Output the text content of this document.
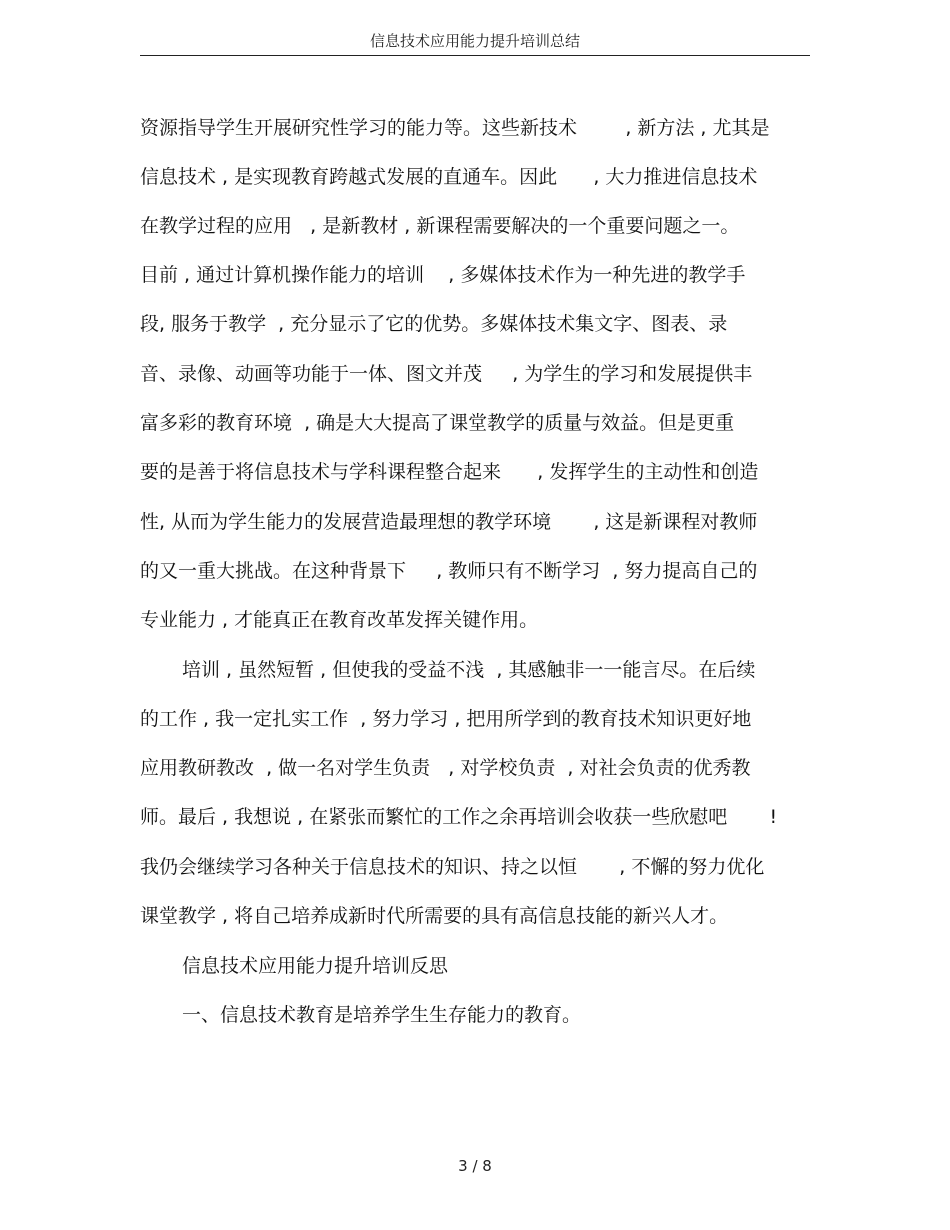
信息技术应用能力提升培训总结
资源指导学生开展研究性学习的能力等。这些新技术        , 新方法 , 尤其是
信息技术 , 是实现教育跨越式发展的直通车。因此      , 大力推进信息技术
在教学过程的应用   , 是新教材 , 新课程需要解决的一个重要问题之一。
目前 , 通过计算机操作能力的培训    , 多媒体技术作为一种先进的教学手
段, 服务于教学  , 充分显示了它的优势。多媒体技术集文字、图表、录
音、录像、动画等功能于一体、图文并茂     , 为学生的学习和发展提供丰
富多彩的教育环境  , 确是大大提高了课堂教学的质量与效益。但是更重
要的是善于将信息技术与学科课程整合起来      , 发挥学生的主动性和创造
性, 从而为学生能力的发展营造最理想的教学环境       , 这是新课程对教师
的又一重大挑战。在这种背景下     , 教师只有不断学习  , 努力提高自己的
专业能力 , 才能真正在教育改革发挥关键作用。
培训 , 虽然短暂 , 但使我的受益不浅  , 其感触非一一能言尽。在后续
的工作 , 我一定扎实工作  , 努力学习 , 把用所学到的教育技术知识更好地
应用教研教改  , 做一名对学生负责   , 对学校负责  , 对社会负责的优秀教
师。最后 , 我想说 , 在紧张而繁忙的工作之余再培训会收获一些欣慰吧       !
我仍会继续学习各种关于信息技术的知识、持之以恒       , 不懈的努力优化
课堂教学 , 将自己培养成新时代所需要的具有高信息技能的新兴人才。
信息技术应用能力提升培训反思
一、信息技术教育是培养学生生存能力的教育。
3 / 8
